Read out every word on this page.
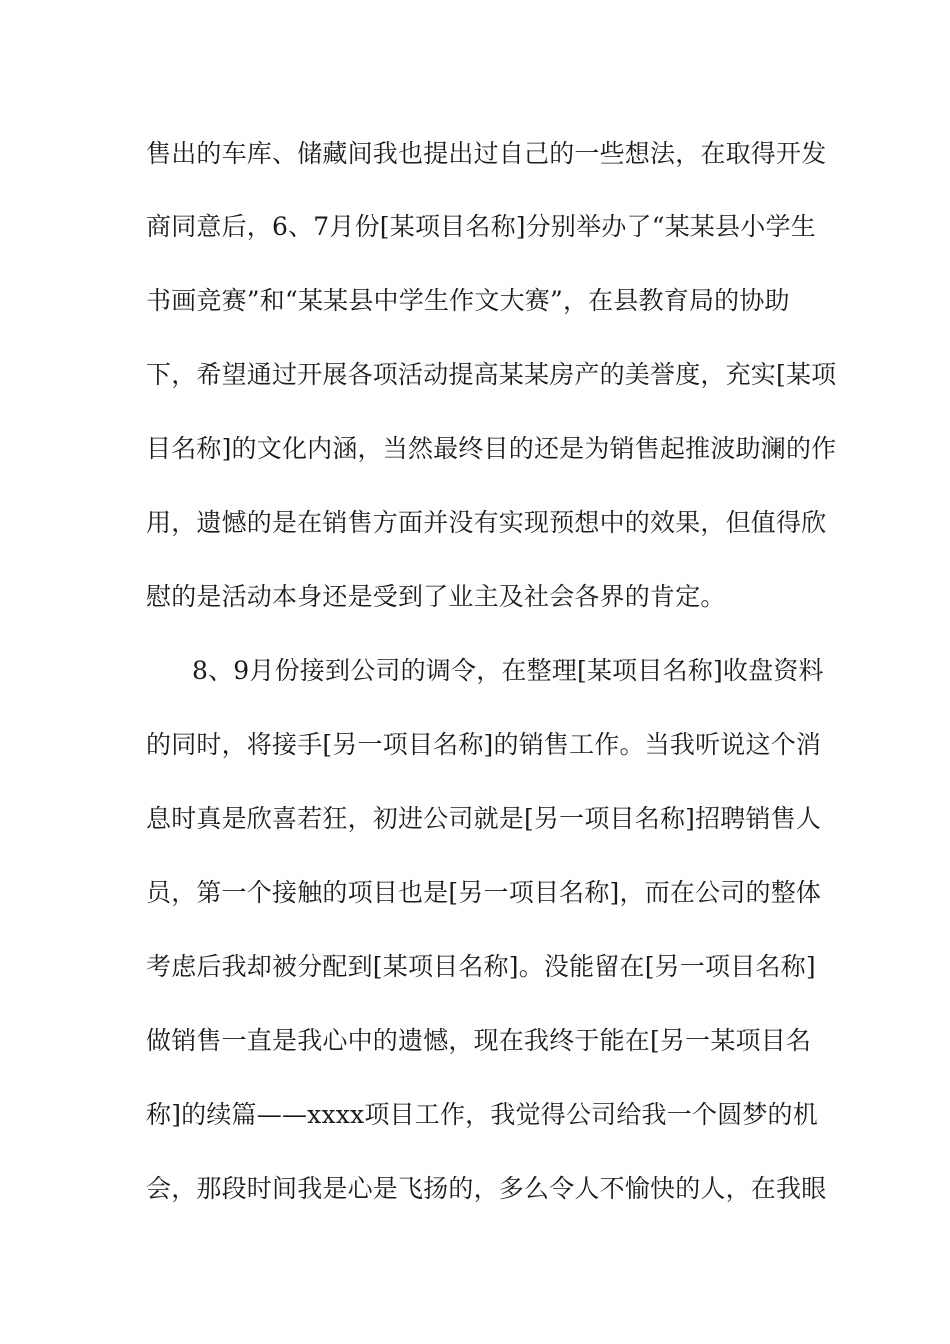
售出的车库、储藏间我也提出过自己的一些想法，在取得开发
商同意后，6、7月份[某项目名称]分别举办了“某某县小学生
书画竞赛”和“某某县中学生作文大赛”，在县教育局的协助
下，希望通过开展各项活动提高某某房产的美誉度，充实[某项
目名称]的文化内涵，当然最终目的还是为销售起推波助澜的作
用，遗憾的是在销售方面并没有实现预想中的效果，但值得欣
慰的是活动本身还是受到了业主及社会各界的肯定。
8、9月份接到公司的调令，在整理[某项目名称]收盘资料
的同时，将接手[另一项目名称]的销售工作。当我听说这个消
息时真是欣喜若狂，初进公司就是[另一项目名称]招聘销售人
员，第一个接触的项目也是[另一项目名称]，而在公司的整体
考虑后我却被分配到[某项目名称]。没能留在[另一项目名称]
做销售一直是我心中的遗憾，现在我终于能在[另一某项目名
称]的续篇——xxxx项目工作，我觉得公司给我一个圆梦的机
会，那段时间我是心是飞扬的，多么令人不愉快的人，在我眼
